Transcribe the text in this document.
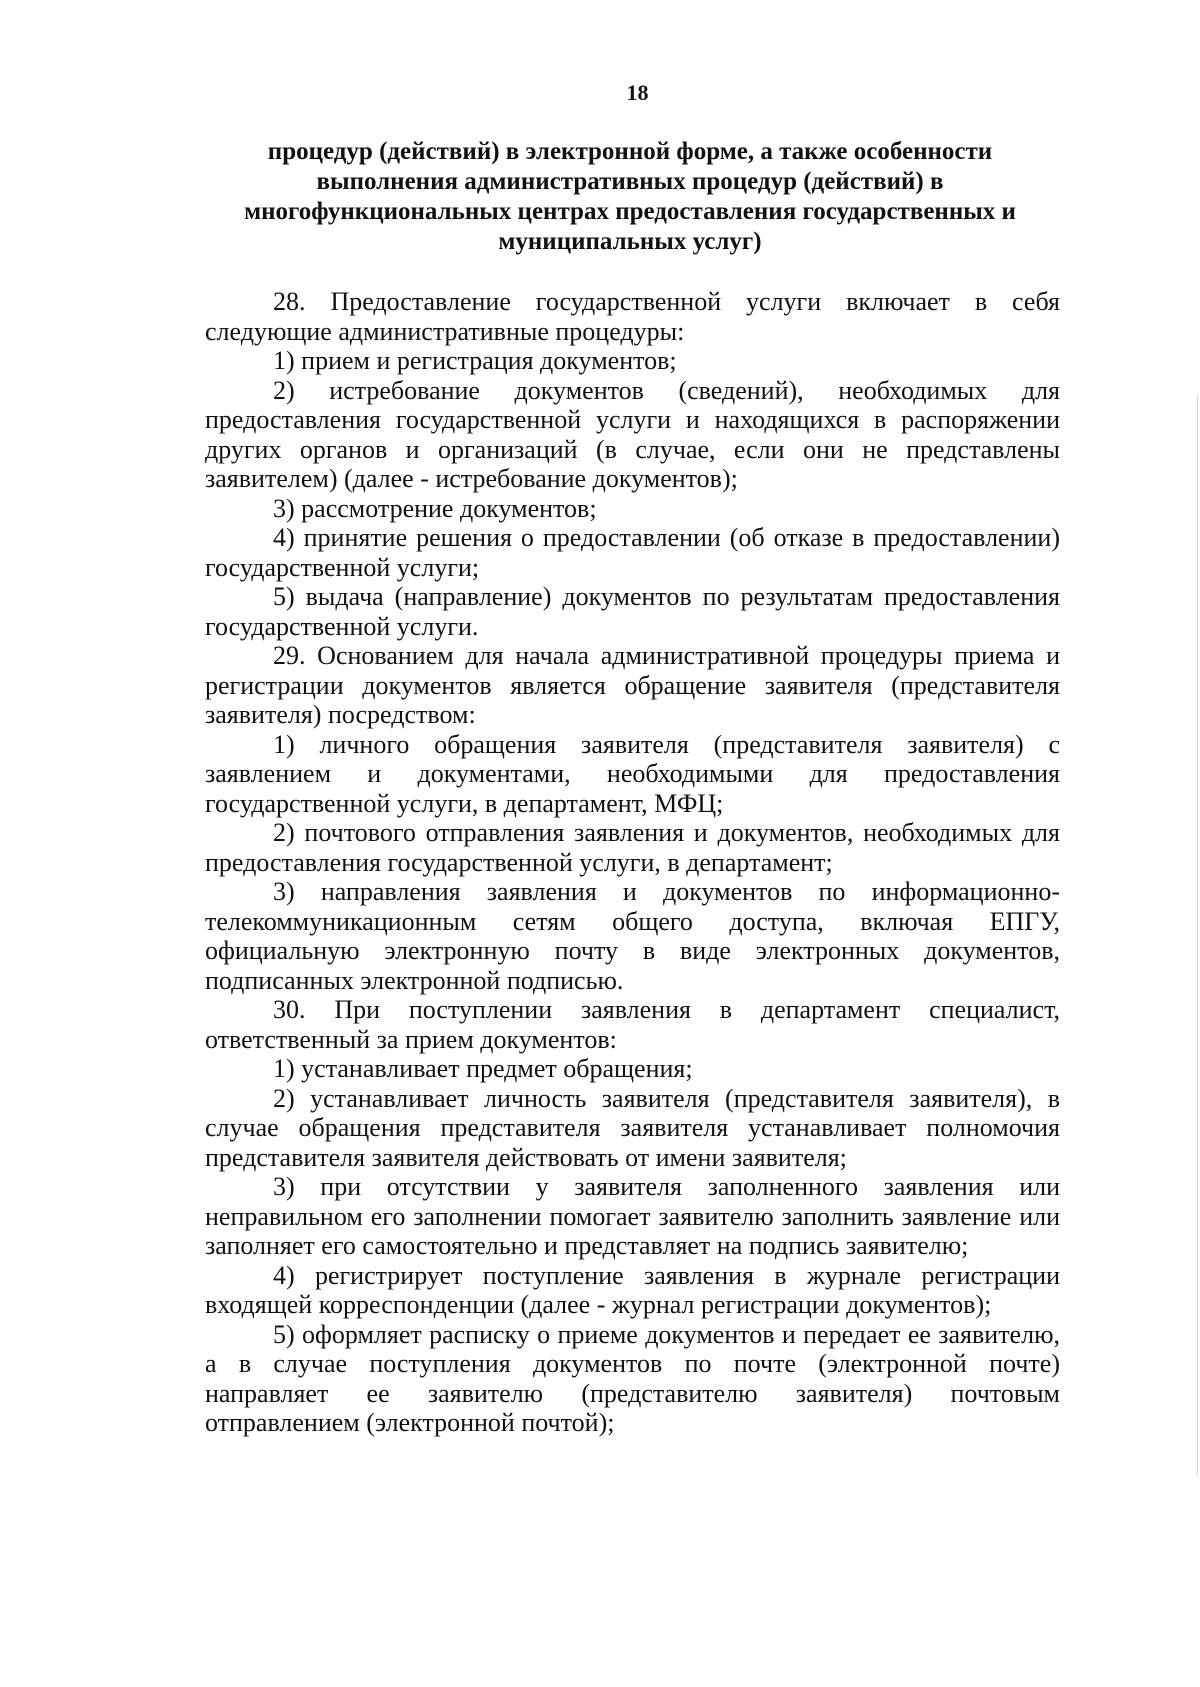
18
процедур (действий) в электронной форме, а также особенности
выполнения административных процедур (действий) в
многофункциональных центрах предоставления государственных и
муниципальных услуг)

28. Предоставление государственной услуги включает в себя следующие административные процедуры:

1) прием и регистрация документов;

2) истребование документов (сведений), необходимых для предоставления государственной услуги и находящихся в распоряжении других органов и организаций (в случае, если они не представлены заявителем) (далее - истребование документов);

3) рассмотрение документов;

4) принятие решения о предоставлении (об отказе в предоставлении) государственной услуги;

5) выдача (направление) документов по результатам предоставления государственной услуги.

29. Основанием для начала административной процедуры приема и регистрации документов является обращение заявителя (представителя заявителя) посредством:

1) личного обращения заявителя (представителя заявителя) с заявлением и документами, необходимыми для предоставления государственной услуги, в департамент, МФЦ;

2) почтового отправления заявления и документов, необходимых для предоставления государственной услуги, в департамент;

3) направления заявления и документов по информационно-телекоммуникационным сетям общего доступа, включая ЕПГУ, официальную электронную почту в виде электронных документов, подписанных электронной подписью.

30. При поступлении заявления в департамент специалист, ответственный за прием документов:

1) устанавливает предмет обращения;

2) устанавливает личность заявителя (представителя заявителя), в случае обращения представителя заявителя устанавливает полномочия представителя заявителя действовать от имени заявителя;

3) при отсутствии у заявителя заполненного заявления или неправильном его заполнении помогает заявителю заполнить заявление или заполняет его самостоятельно и представляет на подпись заявителю;

4) регистрирует поступление заявления в журнале регистрации входящей корреспонденции (далее - журнал регистрации документов);

5) оформляет расписку о приеме документов и передает ее заявителю, а в случае поступления документов по почте (электронной почте) направляет ее заявителю (представителю заявителя) почтовым отправлением (электронной почтой);
